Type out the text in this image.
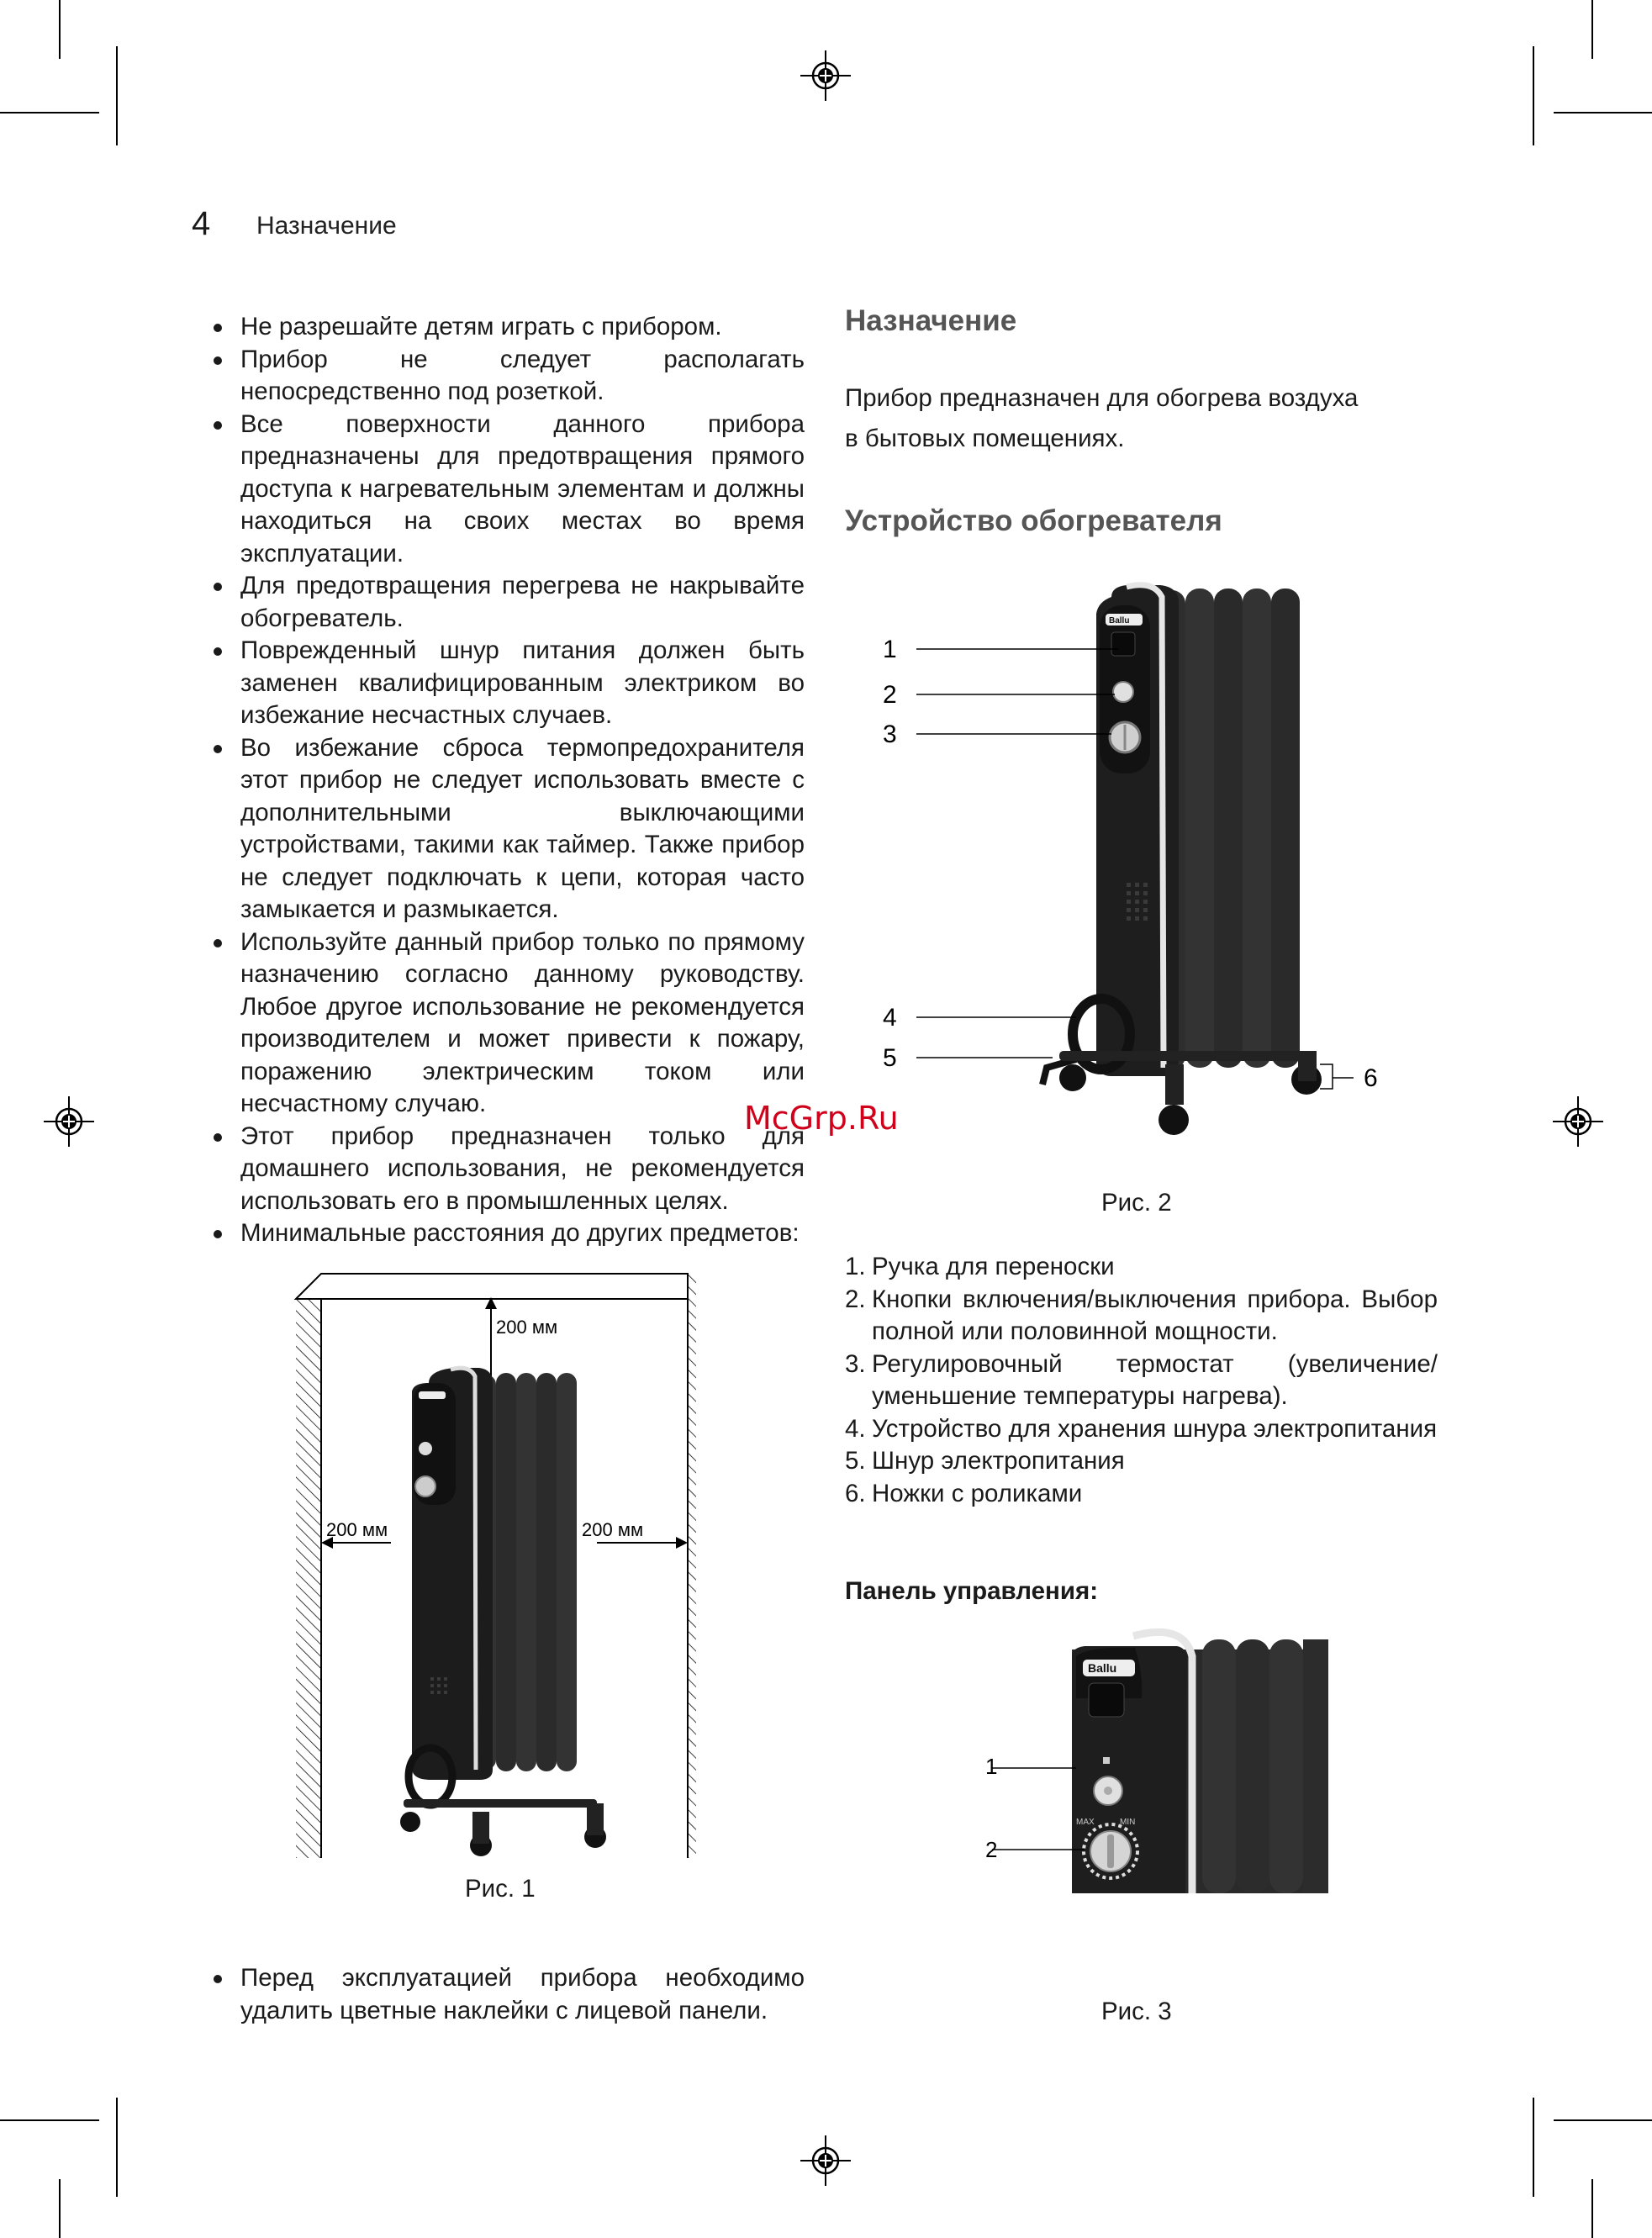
4 Назначение
Не разрешайте детям играть с прибором.
Прибор не следует располагать непосредственно под розеткой.
Все поверхности данного прибора предназначены для предотвращения прямого доступа к нагревательным элементам и должны находиться на своих местах во время эксплуатации.
Для предотвращения перегрева не накрывайте обогреватель.
Поврежденный шнур питания должен быть заменен квалифицированным электриком во избежание несчастных случаев.
Во избежание сброса термопредохранителя этот прибор не следует использовать вместе с дополнительными выключающими устройствами, такими как таймер. Также прибор не следует подключать к цепи, которая часто замыкается и размыкается.
Используйте данный прибор только по прямому назначению согласно данному руководству. Любое другое использование не рекомендуется производителем и может привести к пожару, поражению электрическим током или несчастному случаю.
Этот прибор предназначен только для домашнего использования, не рекомендуется использовать его в промышленных целях.
Минимальные расстояния до других предметов:
McGrp.Ru
200 мм
200 мм	200 мм
Рис. 1
Перед эксплуатацией прибора необходимо удалить цветные наклейки с лицевой панели.
Назначение
Прибор предназначен для обогрева воздуха
в бытовых помещениях.
Устройство обогревателя
Ballu
1
2
3
4
5
6
Рис. 2
1. Ручка для переноски
2. Кнопки включения/выключения прибора. Выбор полной или половинной мощности.
3. Регулировочный термостат (увеличение/ уменьшение температуры нагрева).
4. Устройство для хранения шнура электропитания
5. Шнур электропитания
6. Ножки с роликами
Панель управления:
Ballu
MAX	MIN
1
2
Рис. 3
